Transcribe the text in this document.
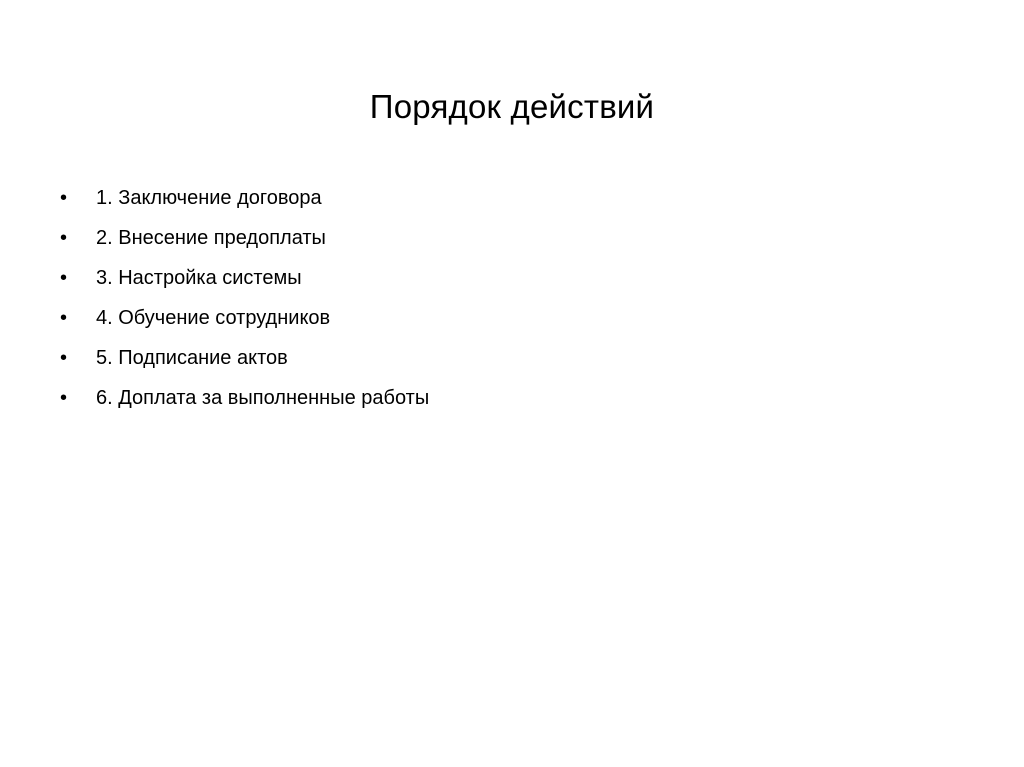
Порядок действий
•	1. Заключение договора
•	2. Внесение предоплаты
•	3. Настройка системы
•	4. Обучение сотрудников
•	5. Подписание актов
•	6. Доплата за выполненные работы
